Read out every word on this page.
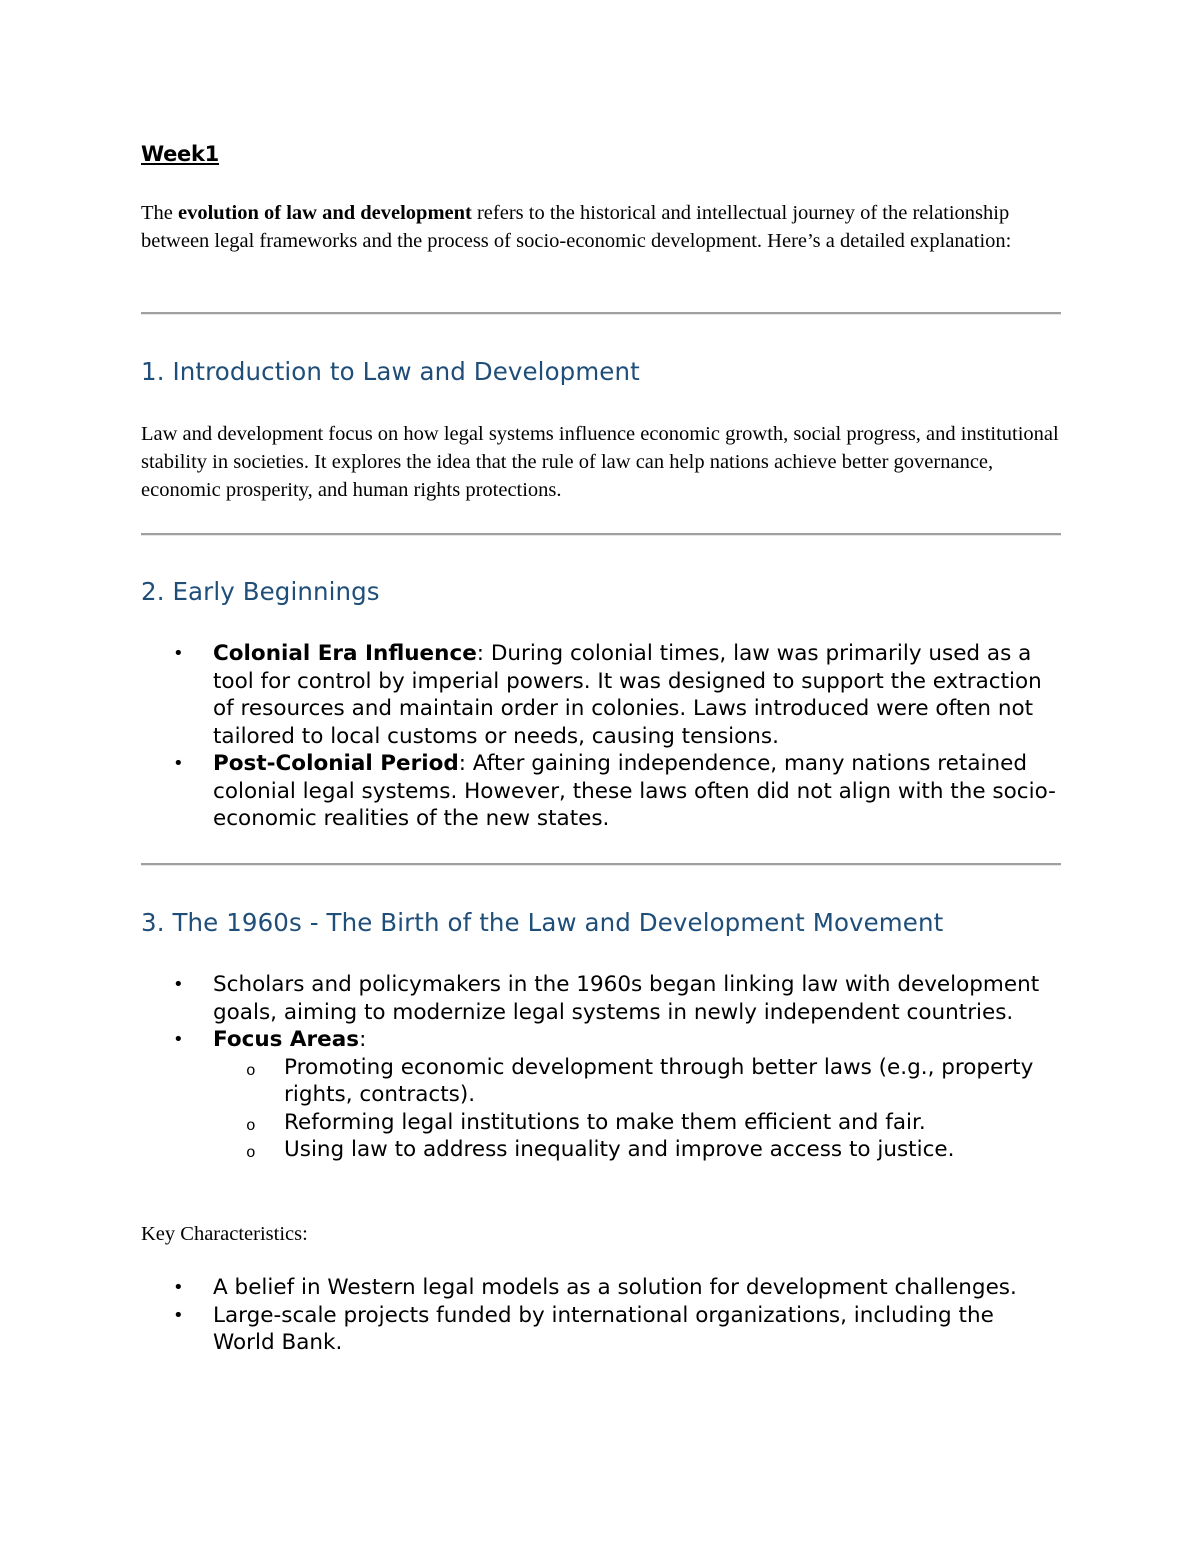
Week1

The evolution of law and development refers to the historical and intellectual journey of the relationship between legal frameworks and the process of socio-economic development. Here’s a detailed explanation:

1. Introduction to Law and Development

Law and development focus on how legal systems influence economic growth, social progress, and institutional stability in societies. It explores the idea that the rule of law can help nations achieve better governance, economic prosperity, and human rights protections.

2. Early Beginnings
• Colonial Era Influence: During colonial times, law was primarily used as a tool for control by imperial powers. It was designed to support the extraction of resources and maintain order in colonies. Laws introduced were often not tailored to local customs or needs, causing tensions.
• Post-Colonial Period: After gaining independence, many nations retained colonial legal systems. However, these laws often did not align with the socio-economic realities of the new states.
3. The 1960s - The Birth of the Law and Development Movement
• Scholars and policymakers in the 1960s began linking law with development goals, aiming to modernize legal systems in newly independent countries.
• Focus Areas:
o Promoting economic development through better laws (e.g., property rights, contracts).
o Reforming legal institutions to make them efficient and fair.
o Using law to address inequality and improve access to justice.

Key Characteristics:

• A belief in Western legal models as a solution for development challenges.
• Large-scale projects funded by international organizations, including the World Bank.
